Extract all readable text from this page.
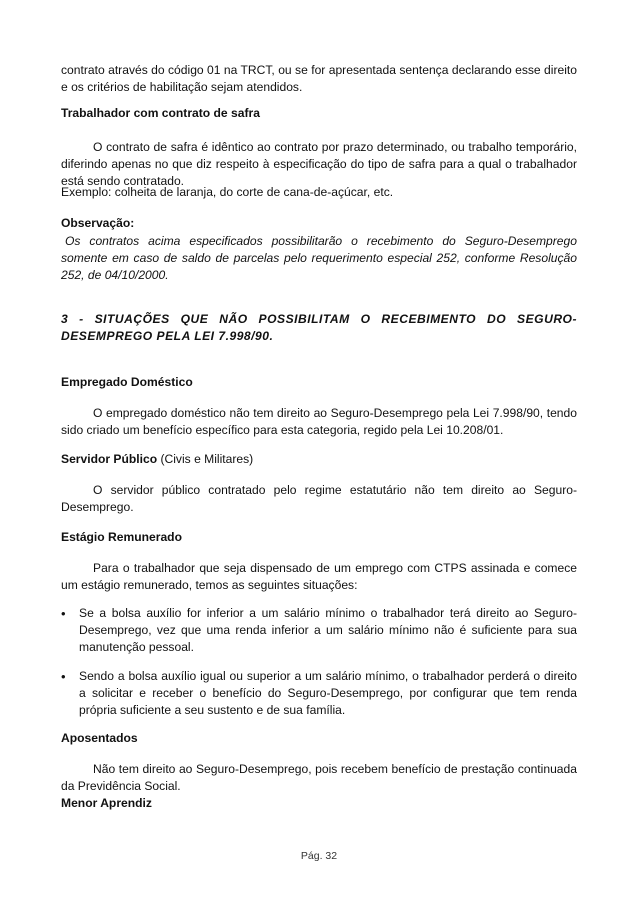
contrato através do código 01 na TRCT, ou se for apresentada sentença declarando esse direito e os critérios de habilitação sejam atendidos.
Trabalhador com contrato de safra
O contrato de safra é idêntico ao contrato por prazo determinado, ou trabalho temporário, diferindo apenas no que diz respeito à especificação do tipo de safra para a qual o trabalhador está sendo contratado.
Exemplo: colheita de laranja, do corte de cana-de-açúcar, etc.
Observação:
Os contratos acima especificados possibilitarão o recebimento do Seguro-Desemprego somente em caso de saldo de parcelas pelo requerimento especial 252, conforme Resolução 252, de 04/10/2000.
3 - SITUAÇÕES QUE NÃO POSSIBILITAM O RECEBIMENTO DO SEGURO-DESEMPREGO PELA LEI 7.998/90.
Empregado Doméstico
O empregado doméstico não tem direito ao Seguro-Desemprego pela Lei 7.998/90, tendo sido criado um benefício específico para esta categoria, regido pela Lei 10.208/01.
Servidor Público (Civis e Militares)
O servidor público contratado pelo regime estatutário não tem direito ao Seguro-Desemprego.
Estágio Remunerado
Para o trabalhador que seja dispensado de um emprego com CTPS assinada e comece um estágio remunerado, temos as seguintes situações:
• Se a bolsa auxílio for inferior a um salário mínimo o trabalhador terá direito ao Seguro-Desemprego, vez que uma renda inferior a um salário mínimo não é suficiente para sua manutenção pessoal.
• Sendo a bolsa auxílio igual ou superior a um salário mínimo, o trabalhador perderá o direito a solicitar e receber o benefício do Seguro-Desemprego, por configurar que tem renda própria suficiente a seu sustento e de sua família.
Aposentados
Não tem direito ao Seguro-Desemprego, pois recebem benefício de prestação continuada da Previdência Social.
Menor Aprendiz
Pág. 32
